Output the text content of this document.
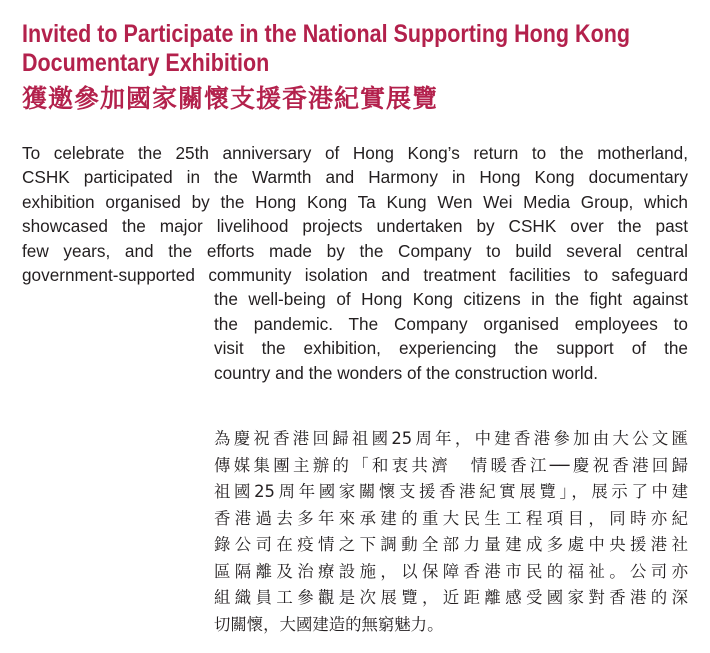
Invited to Participate in the National Supporting Hong Kong
Documentary Exhibition
獲邀參加國家關懷支援香港紀實展覽
To celebrate the 25th anniversary of Hong Kong’s return to the motherland,
CSHK participated in the Warmth and Harmony in Hong Kong documentary
exhibition organised by the Hong Kong Ta Kung Wen Wei Media Group, which
showcased the major livelihood projects undertaken by CSHK over the past
few years, and the efforts made by the Company to build several central
government-supported community isolation and treatment facilities to safeguard
the well-being of Hong Kong citizens in the fight against
the pandemic. The Company organised employees to
visit the exhibition, experiencing the support of the
country and the wonders of the construction world.
為慶祝香港回歸祖國25周年，中建香港參加由大公文匯
傳媒集團主辦的「和衷共濟　情暖香江──慶祝香港回歸
祖國25周年國家關懷支援香港紀實展覽」，展示了中建
香港過去多年來承建的重大民生工程項目，同時亦紀
錄公司在疫情之下調動全部力量建成多處中央援港社
區隔離及治療設施，以保障香港市民的福祉。公司亦
組織員工參觀是次展覽，近距離感受國家對香港的深
切關懷，大國建造的無窮魅力。
